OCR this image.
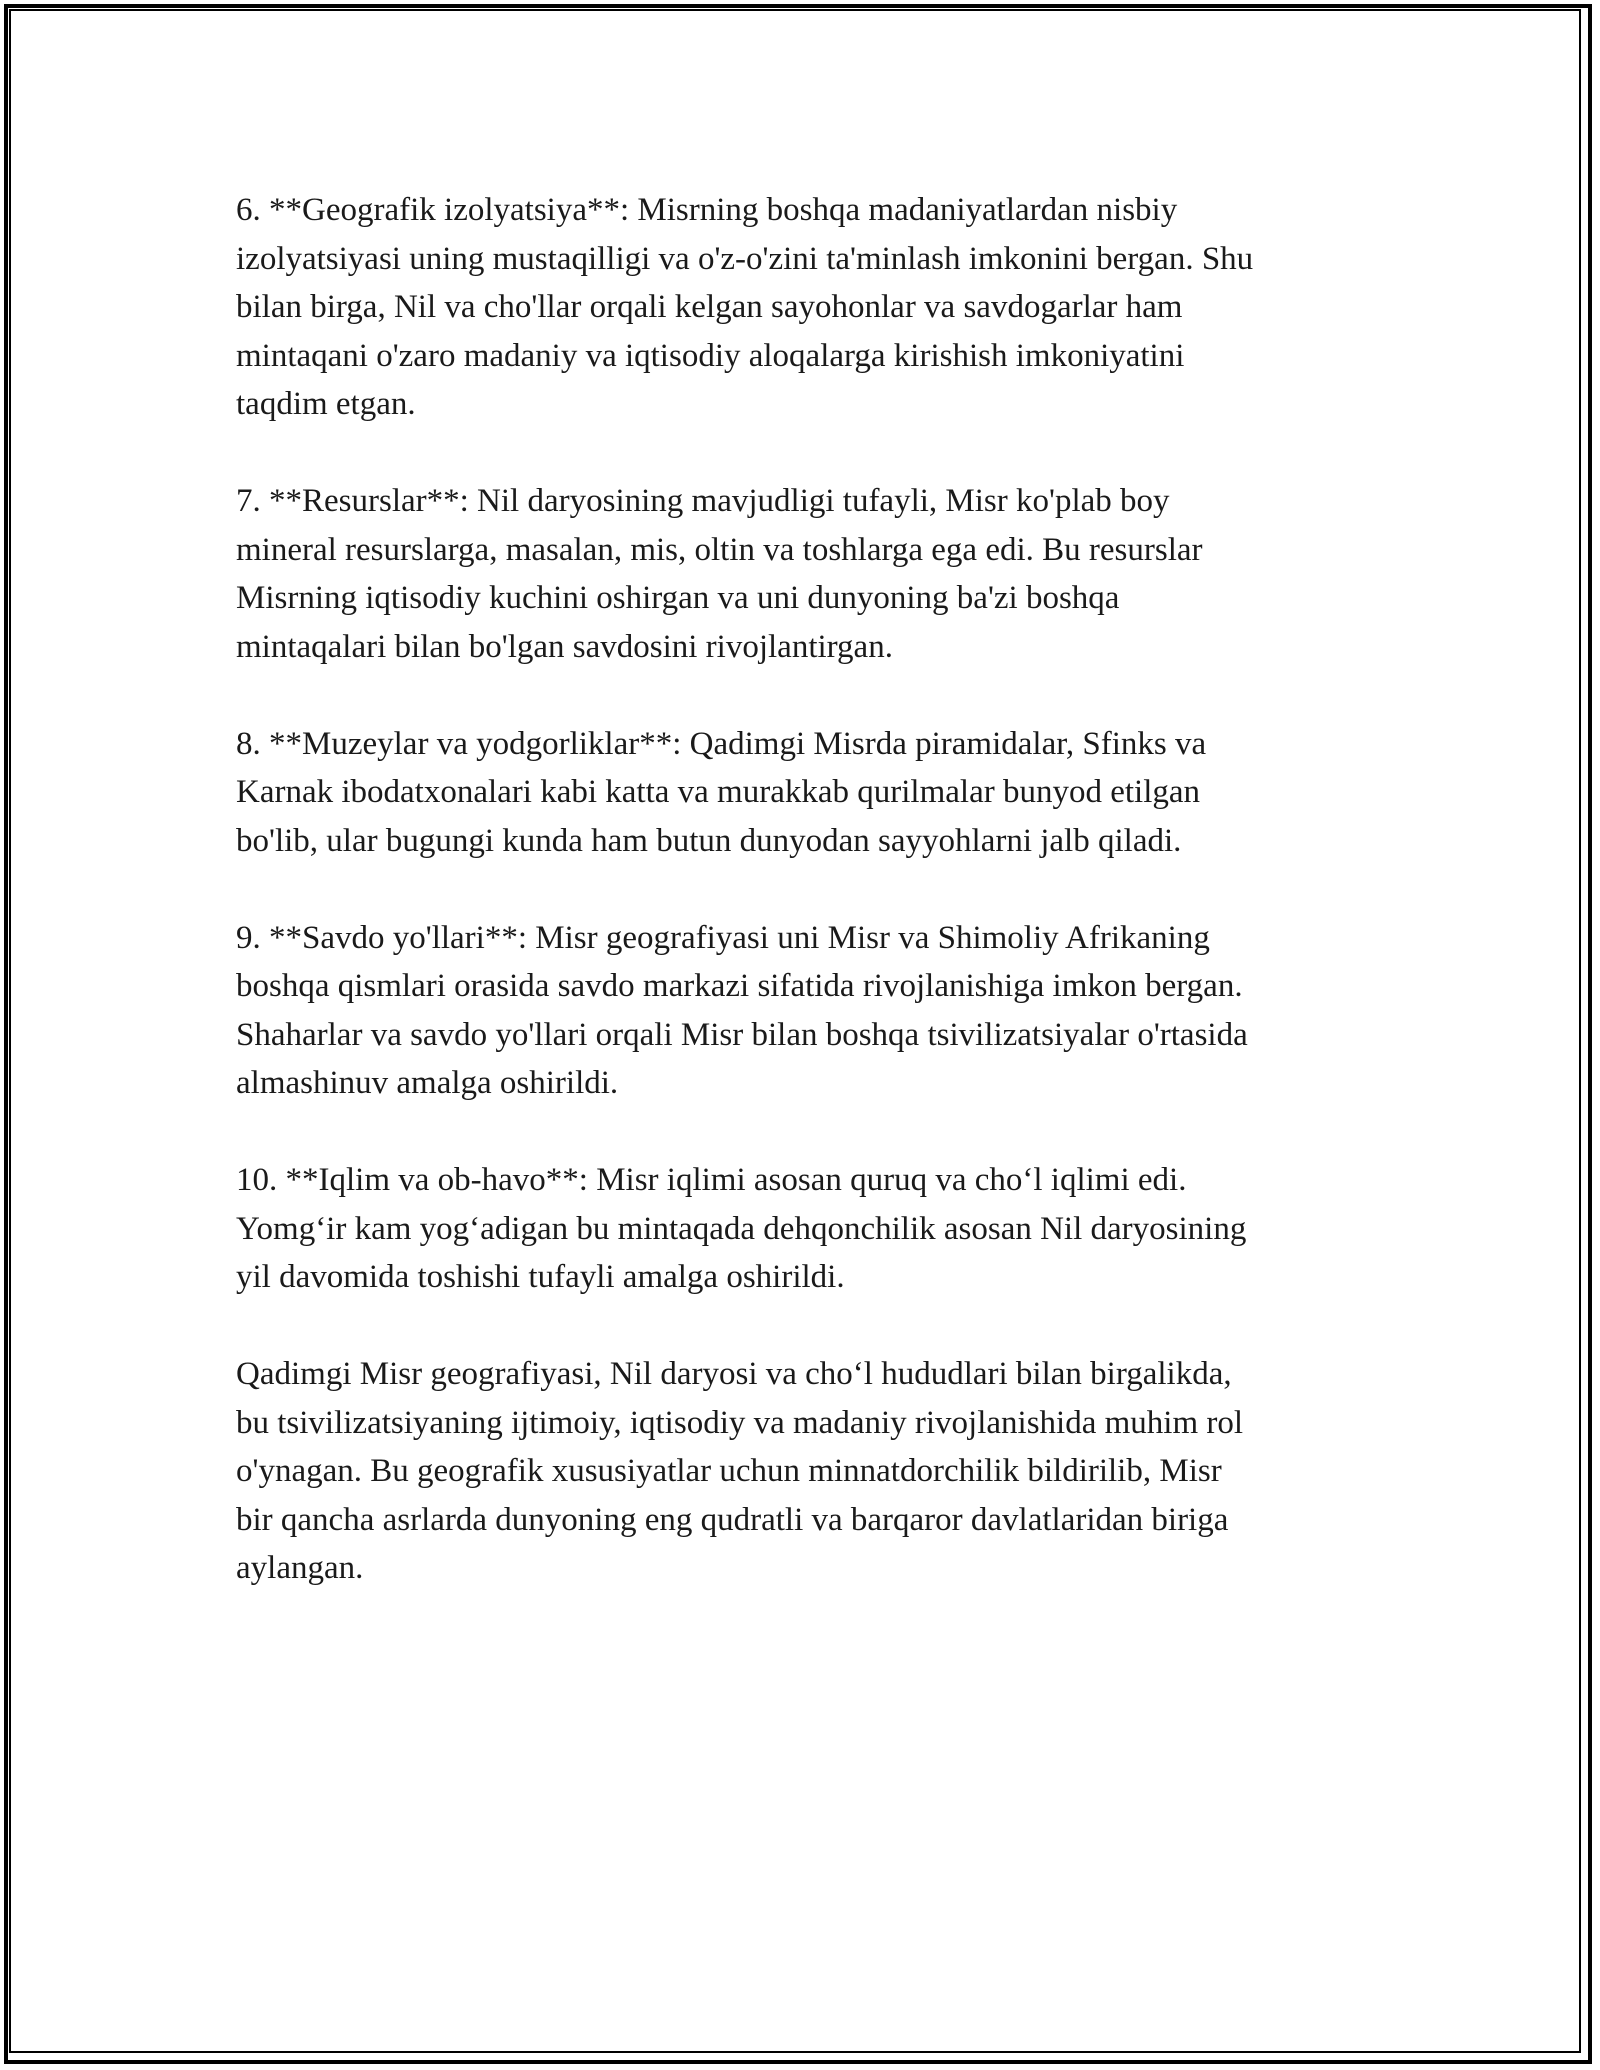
6. **Geografik izolyatsiya**: Misrning boshqa madaniyatlardan nisbiy
izolyatsiyasi uning mustaqilligi va o'z-o'zini ta'minlash imkonini bergan. Shu
bilan birga, Nil va cho'llar orqali kelgan sayohonlar va savdogarlar ham
mintaqani o'zaro madaniy va iqtisodiy aloqalarga kirishish imkoniyatini
taqdim etgan.

7. **Resurslar**: Nil daryosining mavjudligi tufayli, Misr ko'plab boy
mineral resurslarga, masalan, mis, oltin va toshlarga ega edi. Bu resurslar
Misrning iqtisodiy kuchini oshirgan va uni dunyoning ba'zi boshqa
mintaqalari bilan bo'lgan savdosini rivojlantirgan.

8. **Muzeylar va yodgorliklar**: Qadimgi Misrda piramidalar, Sfinks va
Karnak ibodatxonalari kabi katta va murakkab qurilmalar bunyod etilgan
bo'lib, ular bugungi kunda ham butun dunyodan sayyohlarni jalb qiladi.

9. **Savdo yo'llari**: Misr geografiyasi uni Misr va Shimoliy Afrikaning
boshqa qismlari orasida savdo markazi sifatida rivojlanishiga imkon bergan.
Shaharlar va savdo yo'llari orqali Misr bilan boshqa tsivilizatsiyalar o'rtasida
almashinuv amalga oshirildi.

10. **Iqlim va ob-havo**: Misr iqlimi asosan quruq va cho‘l iqlimi edi.
Yomg‘ir kam yog‘adigan bu mintaqada dehqonchilik asosan Nil daryosining
yil davomida toshishi tufayli amalga oshirildi.

Qadimgi Misr geografiyasi, Nil daryosi va cho‘l hududlari bilan birgalikda,
bu tsivilizatsiyaning ijtimoiy, iqtisodiy va madaniy rivojlanishida muhim rol
o'ynagan. Bu geografik xususiyatlar uchun minnatdorchilik bildirilib, Misr
bir qancha asrlarda dunyoning eng qudratli va barqaror davlatlaridan biriga
aylangan.
